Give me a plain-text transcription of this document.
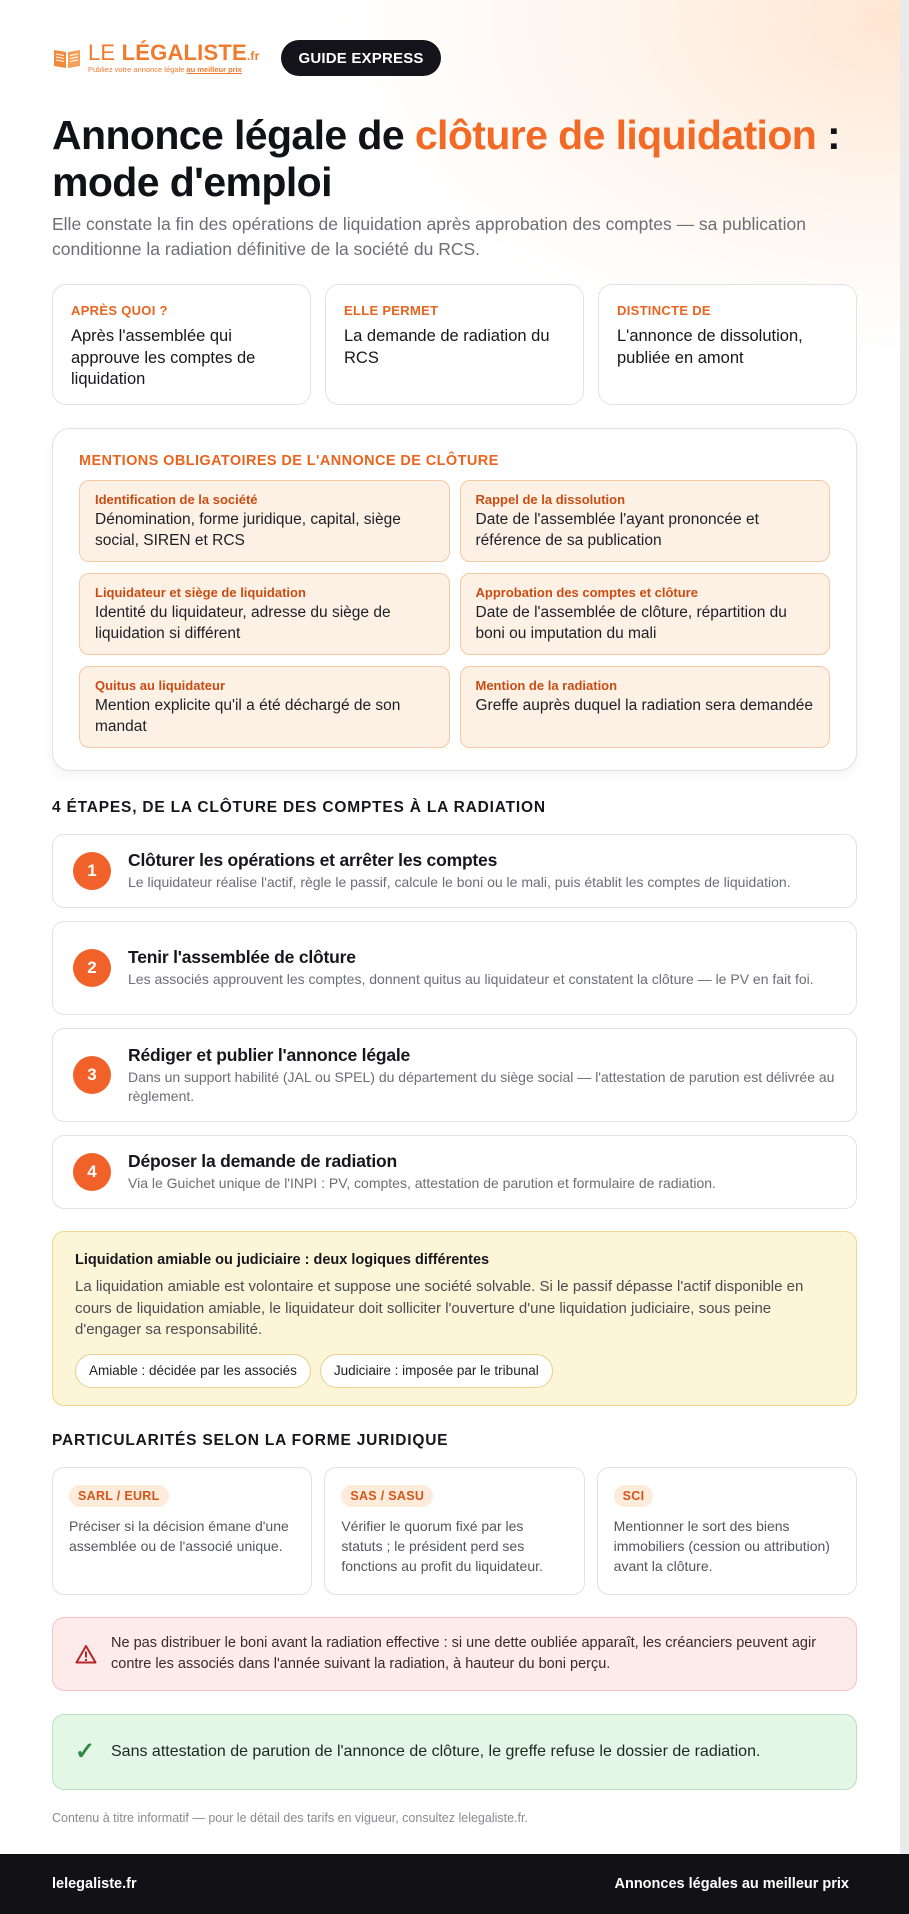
LE LÉGALISTE.fr
Publiez votre annonce légale au meilleur prix
GUIDE EXPRESS
Annonce légale de clôture de liquidation : mode d'emploi

Elle constate la fin des opérations de liquidation après approbation des comptes — sa publication conditionne la radiation définitive de la société du RCS.

APRÈS QUOI ?
Après l'assemblée qui approuve les comptes de liquidation
ELLE PERMET
La demande de radiation du RCS
DISTINCTE DE
L'annonce de dissolution, publiée en amont
MENTIONS OBLIGATOIRES DE L'ANNONCE DE CLÔTURE
Identification de la société
Dénomination, forme juridique, capital, siège social, SIREN et RCS
Rappel de la dissolution
Date de l'assemblée l'ayant prononcée et référence de sa publication
Liquidateur et siège de liquidation
Identité du liquidateur, adresse du siège de liquidation si différent
Approbation des comptes et clôture
Date de l'assemblée de clôture, répartition du boni ou imputation du mali
Quitus au liquidateur
Mention explicite qu'il a été déchargé de son mandat
Mention de la radiation
Greffe auprès duquel la radiation sera demandée
4 ÉTAPES, DE LA CLÔTURE DES COMPTES À LA RADIATION
1
Clôturer les opérations et arrêter les comptes
Le liquidateur réalise l'actif, règle le passif, calcule le boni ou le mali, puis établit les comptes de liquidation.
2
Tenir l'assemblée de clôture
Les associés approuvent les comptes, donnent quitus au liquidateur et constatent la clôture — le PV en fait foi.
3
Rédiger et publier l'annonce légale
Dans un support habilité (JAL ou SPEL) du département du siège social — l'attestation de parution est délivrée au règlement.
4
Déposer la demande de radiation
Via le Guichet unique de l'INPI : PV, comptes, attestation de parution et formulaire de radiation.
Liquidation amiable ou judiciaire : deux logiques différentes
La liquidation amiable est volontaire et suppose une société solvable. Si le passif dépasse l'actif disponible en cours de liquidation amiable, le liquidateur doit solliciter l'ouverture d'une liquidation judiciaire, sous peine d'engager sa responsabilité.
Amiable : décidée par les associés	Judiciaire : imposée par le tribunal
PARTICULARITÉS SELON LA FORME JURIDIQUE
SARL / EURL
Préciser si la décision émane d'une assemblée ou de l'associé unique.
SAS / SASU
Vérifier le quorum fixé par les statuts ; le président perd ses fonctions au profit du liquidateur.
SCI
Mentionner le sort des biens immobiliers (cession ou attribution) avant la clôture.
Ne pas distribuer le boni avant la radiation effective : si une dette oubliée apparaît, les créanciers peuvent agir contre les associés dans l'année suivant la radiation, à hauteur du boni perçu.
✓ Sans attestation de parution de l'annonce de clôture, le greffe refuse le dossier de radiation.
Contenu à titre informatif — pour le détail des tarifs en vigueur, consultez lelegaliste.fr.
lelegaliste.fr	Annonces légales au meilleur prix
